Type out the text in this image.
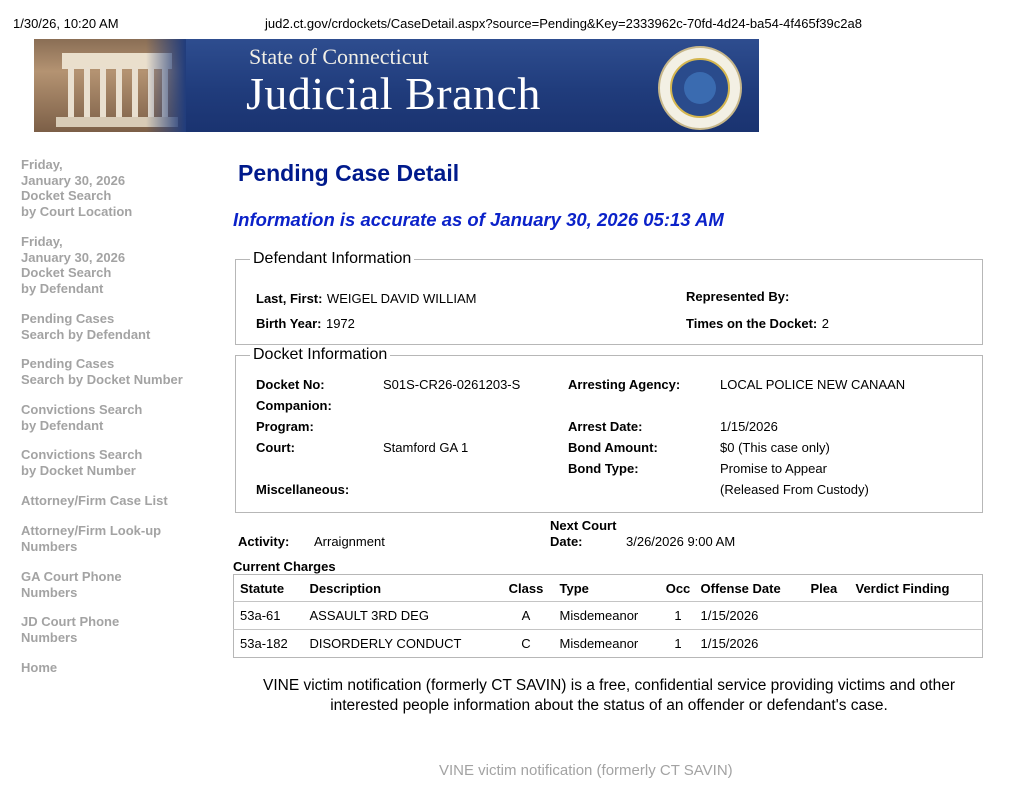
1/30/26, 10:20 AM	jud2.ct.gov/crdockets/CaseDetail.aspx?source=Pending&Key=2333962c-70fd-4d24-ba54-4f465f39c2a8
State of Connecticut
Judicial Branch
Friday,
January 30, 2026
Docket Search
by Court Location
Friday,
January 30, 2026
Docket Search
by Defendant
Pending Cases
Search by Defendant
Pending Cases
Search by Docket Number
Convictions Search
by Defendant
Convictions Search
by Docket Number
Attorney/Firm Case List
Attorney/Firm Look-up
Numbers
GA Court Phone
Numbers
JD Court Phone
Numbers
Home
Pending Case Detail
Information is accurate as of January 30, 2026 05:13 AM
Defendant Information
Last, First: WEIGEL DAVID WILLIAM
Birth Year: 1972
Represented By:
Times on the Docket: 2
Docket Information
Docket No:	S01S-CR26-0261203-S
Companion:
Program:
Court:	Stamford GA 1
Miscellaneous:
Arresting Agency:	LOCAL POLICE NEW CANAAN
Arrest Date:	1/15/2026
Bond Amount:	$0 (This case only)
Bond Type:	Promise to Appear
(Released From Custody)
Activity: Arraignment
Next Court
Date:	3/26/2026 9:00 AM
Current Charges
Statute	Description	Class	Type	Occ	Offense Date	Plea	Verdict Finding
53a-61	ASSAULT 3RD DEG	A	Misdemeanor	1	1/15/2026		
53a-182	DISORDERLY CONDUCT	C	Misdemeanor	1	1/15/2026		
VINE victim notification (formerly CT SAVIN) is a free, confidential service providing victims and other interested people information about the status of an offender or defendant's case.
VINE victim notification (formerly CT SAVIN)
